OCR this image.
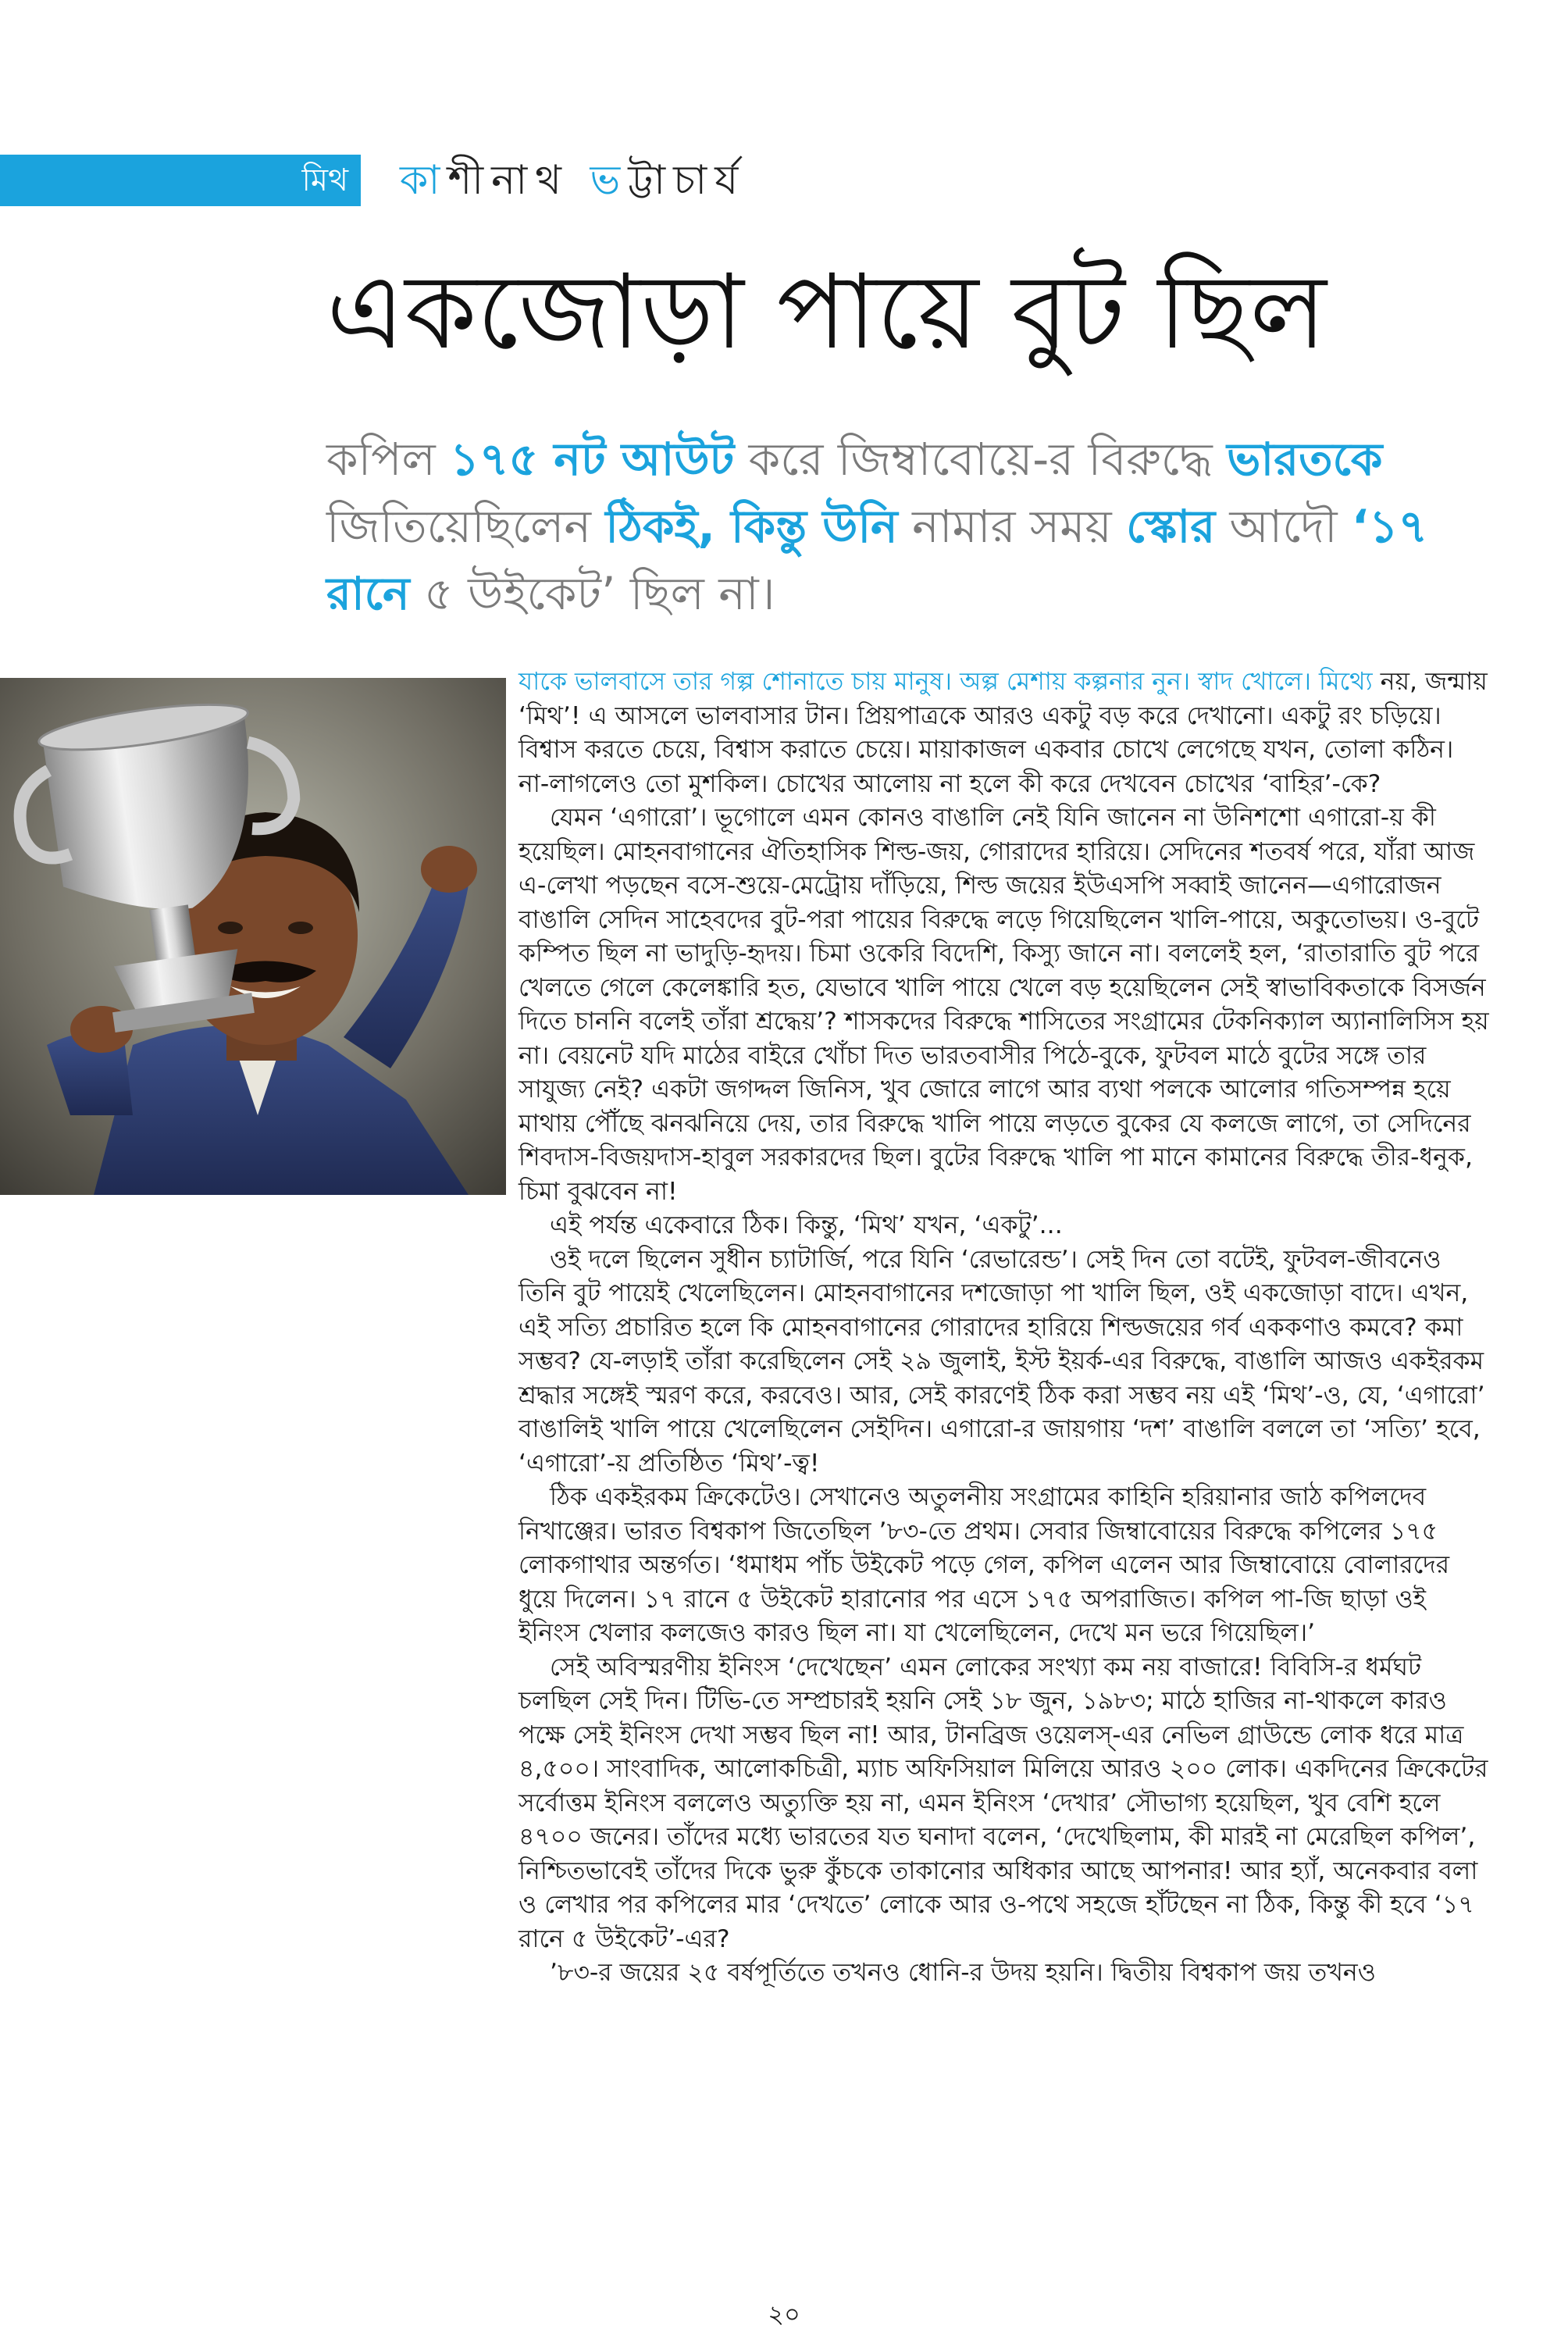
মিথ কাশীনাথ ভট্টাচার্য
একজোড়া পায়ে বুট ছিল
কপিল ১৭৫ নট আউট করে জিম্বাবোয়ে-র বিরুদ্ধে ভারতকে জিতিয়েছিলেন ঠিকই, কিন্তু উনি নামার সময় স্কোর আদৌ ‘১৭ রানে ৫ উইকেট’ ছিল না।

যাকে ভালবাসে তার গল্প শোনাতে চায় মানুষ। অল্প মেশায় কল্পনার নুন। স্বাদ খোলে। মিথ্যে নয়, জন্মায় ‘মিথ’! এ আসলে ভালবাসার টান। প্রিয়পাত্রকে আরও একটু বড় করে দেখানো। একটু রং চড়িয়ে। বিশ্বাস করতে চেয়ে, বিশ্বাস করাতে চেয়ে। মায়াকাজল একবার চোখে লেগেছে যখন, তোলা কঠিন। না-লাগলেও তো মুশকিল। চোখের আলোয় না হলে কী করে দেখবেন চোখের ‘বাহির’-কে?

যেমন ‘এগারো’। ভূগোলে এমন কোনও বাঙালি নেই যিনি জানেন না উনিশশো এগারো-য় কী হয়েছিল। মোহনবাগানের ঐতিহাসিক শিল্ড-জয়, গোরাদের হারিয়ে। সেদিনের শতবর্ষ পরে, যাঁরা আজ এ-লেখা পড়ছেন বসে-শুয়ে-মেট্রোয় দাঁড়িয়ে, শিল্ড জয়ের ইউএসপি সব্বাই জানেন—এগারোজন বাঙালি সেদিন সাহেবদের বুট-পরা পায়ের বিরুদ্ধে লড়ে গিয়েছিলেন খালি-পায়ে, অকুতোভয়। ও-বুটে কম্পিত ছিল না ভাদুড়ি-হৃদয়। চিমা ওকেরি বিদেশি, কিস্যু জানে না। বললেই হল, ‘রাতারাতি বুট পরে খেলতে গেলে কেলেঙ্কারি হত, যেভাবে খালি পায়ে খেলে বড় হয়েছিলেন সেই স্বাভাবিকতাকে বিসর্জন দিতে চাননি বলেই তাঁরা শ্রদ্ধেয়’? শাসকদের বিরুদ্ধে শাসিতের সংগ্রামের টেকনিক্যাল অ্যানালিসিস হয় না। বেয়নেট যদি মাঠের বাইরে খোঁচা দিত ভারতবাসীর পিঠে-বুকে, ফুটবল মাঠে বুটের সঙ্গে তার সাযুজ্য নেই? একটা জগদ্দল জিনিস, খুব জোরে লাগে আর ব্যথা পলকে আলোর গতিসম্পন্ন হয়ে মাথায় পৌঁছে ঝনঝনিয়ে দেয়, তার বিরুদ্ধে খালি পায়ে লড়তে বুকের যে কলজে লাগে, তা সেদিনের শিবদাস-বিজয়দাস-হাবুল সরকারদের ছিল। বুটের বিরুদ্ধে খালি পা মানে কামানের বিরুদ্ধে তীর-ধনুক, চিমা বুঝবেন না!

এই পর্যন্ত একেবারে ঠিক। কিন্তু, ‘মিথ’ যখন, ‘একটু’...

ওই দলে ছিলেন সুধীন চ্যাটার্জি, পরে যিনি ‘রেভারেন্ড’। সেই দিন তো বটেই, ফুটবল-জীবনেও তিনি বুট পায়েই খেলেছিলেন। মোহনবাগানের দশজোড়া পা খালি ছিল, ওই একজোড়া বাদে। এখন, এই সত্যি প্রচারিত হলে কি মোহনবাগানের গোরাদের হারিয়ে শিল্ডজয়ের গর্ব এককণাও কমবে? কমা সম্ভব? যে-লড়াই তাঁরা করেছিলেন সেই ২৯ জুলাই, ইস্ট ইয়র্ক-এর বিরুদ্ধে, বাঙালি আজও একইরকম শ্রদ্ধার সঙ্গেই স্মরণ করে, করবেও। আর, সেই কারণেই ঠিক করা সম্ভব নয় এই ‘মিথ’-ও, যে, ‘এগারো’ বাঙালিই খালি পায়ে খেলেছিলেন সেইদিন। এগারো-র জায়গায় ‘দশ’ বাঙালি বললে তা ‘সত্যি’ হবে, ‘এগারো’-য় প্রতিষ্ঠিত ‘মিথ’-ত্ব!

ঠিক একইরকম ক্রিকেটেও। সেখানেও অতুলনীয় সংগ্রামের কাহিনি হরিয়ানার জাঠ কপিলদেব নিখাঞ্জের। ভারত বিশ্বকাপ জিতেছিল ’৮৩-তে প্রথম। সেবার জিম্বাবোয়ের বিরুদ্ধে কপিলের ১৭৫ লোকগাথার অন্তর্গত। ‘ধমাধম পাঁচ উইকেট পড়ে গেল, কপিল এলেন আর জিম্বাবোয়ে বোলারদের ধুয়ে দিলেন। ১৭ রানে ৫ উইকেট হারানোর পর এসে ১৭৫ অপরাজিত। কপিল পা-জি ছাড়া ওই ইনিংস খেলার কলজেও কারও ছিল না। যা খেলেছিলেন, দেখে মন ভরে গিয়েছিল।’

সেই অবিস্মরণীয় ইনিংস ‘দেখেছেন’ এমন লোকের সংখ্যা কম নয় বাজারে! বিবিসি-র ধর্মঘট চলছিল সেই দিন। টিভি-তে সম্প্রচারই হয়নি সেই ১৮ জুন, ১৯৮৩; মাঠে হাজির না-থাকলে কারও পক্ষে সেই ইনিংস দেখা সম্ভব ছিল না! আর, টানব্রিজ ওয়েলস্-এর নেভিল গ্রাউন্ডে লোক ধরে মাত্র ৪,৫০০। সাংবাদিক, আলোকচিত্রী, ম্যাচ অফিসিয়াল মিলিয়ে আরও ২০০ লোক। একদিনের ক্রিকেটের সর্বোত্তম ইনিংস বললেও অত্যুক্তি হয় না, এমন ইনিংস ‘দেখার’ সৌভাগ্য হয়েছিল, খুব বেশি হলে ৪৭০০ জনের। তাঁদের মধ্যে ভারতের যত ঘনাদা বলেন, ‘দেখেছিলাম, কী মারই না মেরেছিল কপিল’, নিশ্চিতভাবেই তাঁদের দিকে ভুরু কুঁচকে তাকানোর অধিকার আছে আপনার! আর হ্যাঁ, অনেকবার বলা ও লেখার পর কপিলের মার ‘দেখতে’ লোকে আর ও-পথে সহজে হাঁটছেন না ঠিক, কিন্তু কী হবে ‘১৭ রানে ৫ উইকেট’-এর?

’৮৩-র জয়ের ২৫ বর্ষপূর্তিতে তখনও ধোনি-র উদয় হয়নি। দ্বিতীয় বিশ্বকাপ জয় তখনও

২০
